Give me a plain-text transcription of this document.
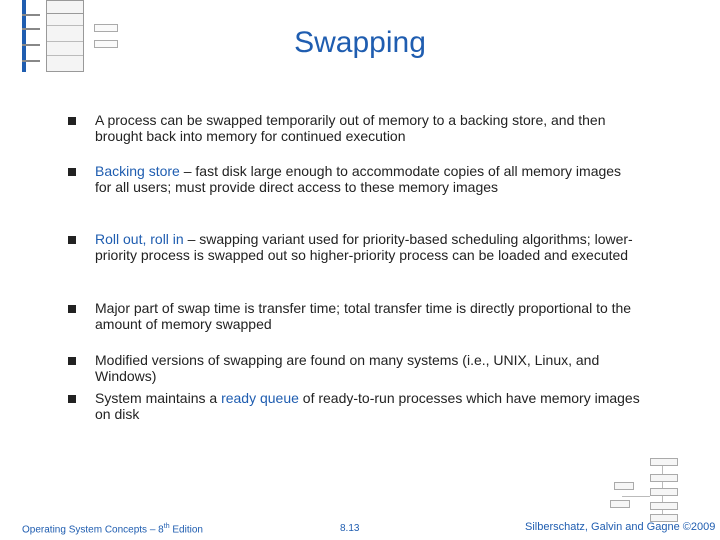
Swapping
A process can be swapped temporarily out of memory to a backing store, and then brought back into memory for continued execution
Backing store – fast disk large enough to accommodate copies of all memory images for all users; must provide direct access to these memory images
Roll out, roll in – swapping variant used for priority-based scheduling algorithms; lower-priority process is swapped out so higher-priority process can be loaded and executed
Major part of swap time is transfer time; total transfer time is directly proportional to the amount of memory swapped
Modified versions of swapping are found on many systems (i.e., UNIX, Linux, and Windows)
System maintains a ready queue of ready-to-run processes which have memory images on disk
Operating System Concepts – 8th Edition	8.13	Silberschatz, Galvin and Gagne ©2009
